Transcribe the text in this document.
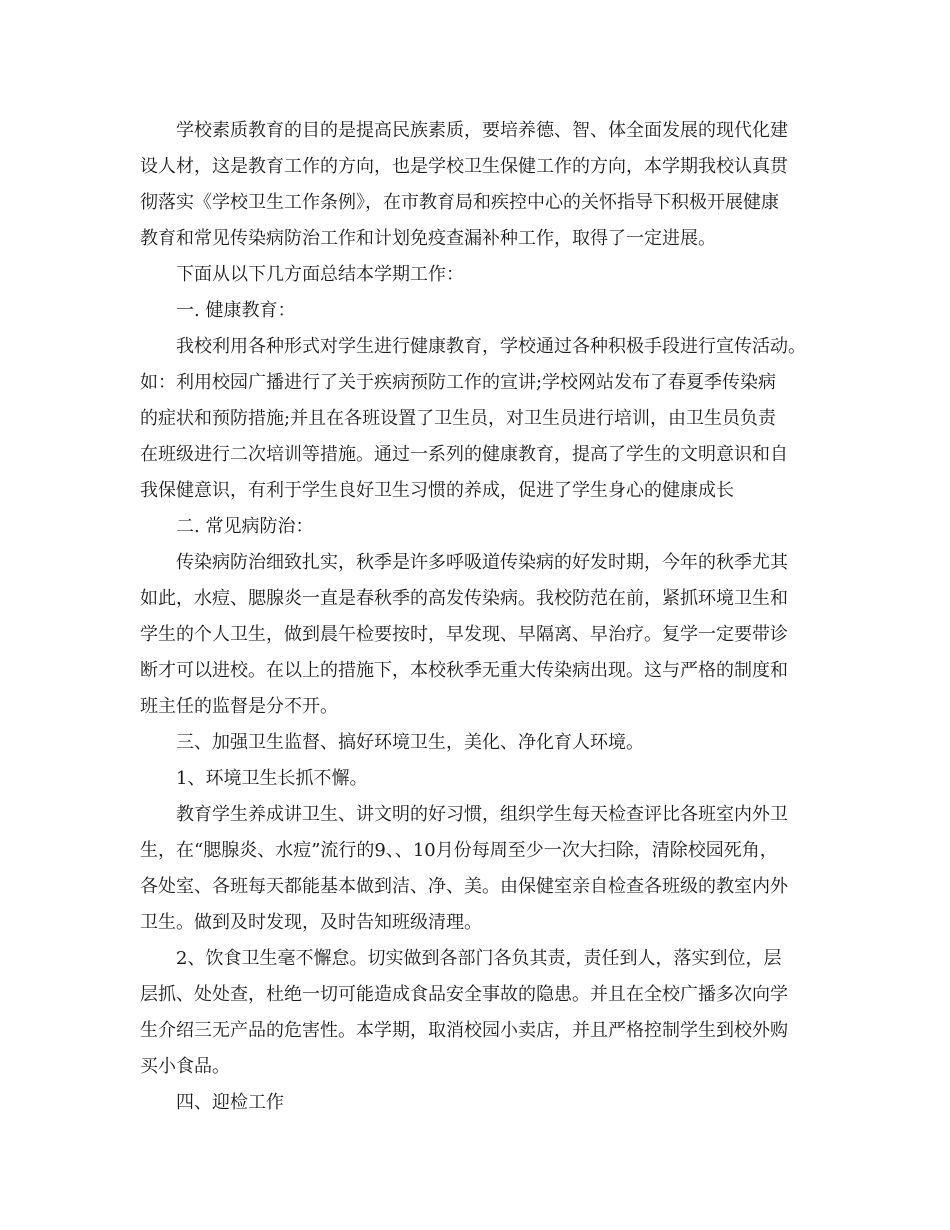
学校素质教育的目的是提高民族素质，要培养德、智、体全面发展的现代化建
设人材，这是教育工作的方向，也是学校卫生保健工作的方向，本学期我校认真贯
彻落实《学校卫生工作条例》，在市教育局和疾控中心的关怀指导下积极开展健康
教育和常见传染病防治工作和计划免疫查漏补种工作，取得了一定进展。
下面从以下几方面总结本学期工作：
一. 健康教育：
我校利用各种形式对学生进行健康教育，学校通过各种积极手段进行宣传活动。
如：利用校园广播进行了关于疾病预防工作的宣讲;学校网站发布了春夏季传染病
的症状和预防措施;并且在各班设置了卫生员，对卫生员进行培训，由卫生员负责
在班级进行二次培训等措施。通过一系列的健康教育，提高了学生的文明意识和自
我保健意识，有利于学生良好卫生习惯的养成，促进了学生身心的健康成长
二. 常见病防治：
传染病防治细致扎实，秋季是许多呼吸道传染病的好发时期，今年的秋季尤其
如此，水痘、腮腺炎一直是春秋季的高发传染病。我校防范在前，紧抓环境卫生和
学生的个人卫生，做到晨午检要按时，早发现、早隔离、早治疗。复学一定要带诊
断才可以进校。在以上的措施下，本校秋季无重大传染病出现。这与严格的制度和
班主任的监督是分不开。
三、加强卫生监督、搞好环境卫生，美化、净化育人环境。
1、环境卫生长抓不懈。
教育学生养成讲卫生、讲文明的好习惯，组织学生每天检查评比各班室内外卫
生，在“腮腺炎、水痘”流行的9、、10月份每周至少一次大扫除，清除校园死角，
各处室、各班每天都能基本做到洁、净、美。由保健室亲自检查各班级的教室内外
卫生。做到及时发现，及时告知班级清理。
2、饮食卫生毫不懈怠。切实做到各部门各负其责，责任到人，落实到位，层
层抓、处处查，杜绝一切可能造成食品安全事故的隐患。并且在全校广播多次向学
生介绍三无产品的危害性。本学期，取消校园小卖店，并且严格控制学生到校外购
买小食品。
四、迎检工作
